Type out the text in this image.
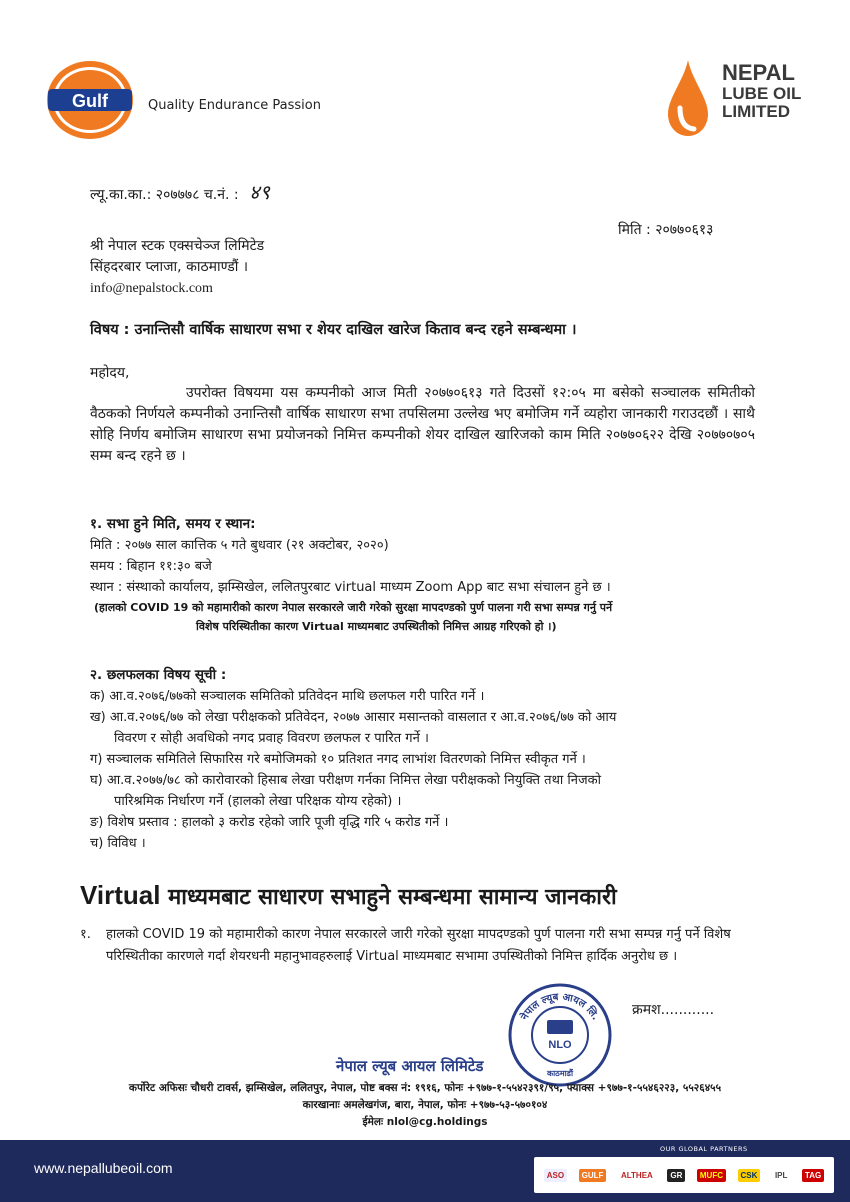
Gulf	Quality Endurance Passion
NEPAL
LUBE OIL
LIMITED
ल्यू.का.का.: २०७७७८ च.नं. : ४९
मिति : २०७७०६१३
श्री नेपाल स्टक एक्सचेञ्ज लिमिटेड
सिंहदरबार प्लाजा, काठमाण्डौं ।
info@nepalstock.com
विषय : उनान्तिसौ वार्षिक साधारण सभा र शेयर दाखिल खारेज किताव बन्द रहने सम्बन्धमा ।
महोदय,
उपरोक्त विषयमा यस कम्पनीको आज मिती २०७७०६१३ गते दिउसों १२:०५ मा बसेको सञ्चालक समितीको वैठकको निर्णयले कम्पनीको उनान्तिसौ वार्षिक साधारण सभा तपसिलमा उल्लेख भए बमोजिम गर्ने व्यहोरा जानकारी गराउदछौं । साथै सोहि निर्णय बमोजिम साधारण सभा प्रयोजनको निमित्त कम्पनीको शेयर दाखिल खारिजको काम मिति २०७७०६२२ देखि २०७७०७०५ सम्म बन्द रहने छ ।
१. सभा हुने मिति, समय र स्थान:
मिति : २०७७ साल कात्तिक ५ गते बुधवार (२१ अक्टोबर, २०२०)
समय : बिहान ११:३० बजे
स्थान : संस्थाको कार्यालय, झम्सिखेल, ललितपुरबाट virtual माध्यम Zoom App बाट सभा संचालन हुने छ ।
(हालको COVID 19 को महामारीको कारण नेपाल सरकारले जारी गरेको सुरक्षा मापदण्डको पुर्ण पालना गरी सभा सम्पन्न गर्नु पर्ने
विशेष परिस्थितीका कारण Virtual माध्यमबाट उपस्थितीको निमित्त आग्रह गरिएको हो ।)
२. छलफलका विषय सूची :
क) आ.व.२०७६/७७को सञ्चालक समितिको प्रतिवेदन माथि छलफल गरी पारित गर्ने ।
ख) आ.व.२०७६/७७ को लेखा परीक्षकको प्रतिवेदन, २०७७ आसार मसान्तको वासलात र आ.व.२०७६/७७ को आय
विवरण र सोही अवधिको नगद प्रवाह विवरण छलफल र पारित गर्ने ।
ग) सञ्चालक समितिले सिफारिस गरे बमोजिमको १० प्रतिशत नगद लाभांश वितरणको निमित्त स्वीकृत गर्ने ।
घ) आ.व.२०७७/७८ को कारोवारको हिसाब लेखा परीक्षण गर्नका निमित्त लेखा परीक्षकको नियुक्ति तथा निजको
पारिश्रमिक निर्धारण गर्ने (हालको लेखा परिक्षक योग्य रहेको) ।
ङ) विशेष प्रस्ताव : हालको ३ करोड रहेको जारि पूजी वृद्धि गरि ५ करोड गर्ने ।
च) विविध ।
Virtual माध्यमबाट साधारण सभाहुने सम्बन्धमा सामान्य जानकारी
१.	हालको COVID 19 को महामारीको कारण नेपाल सरकारले जारी गरेको सुरक्षा मापदण्डको पुर्ण पालना गरी सभा सम्पन्न गर्नु पर्ने विशेष परिस्थितीका कारणले गर्दा शेयरधनी महानुभावहरुलाई Virtual माध्यमबाट सभामा उपस्थितीको निमित्त हार्दिक अनुरोध छ ।
क्रमश............
नेपाल ल्यूब आयल लि.
NLO
काठमाडौं
नेपाल ल्यूब आयल लिमिटेड
कर्पोरेट अफिसः चौधरी टावर्स, झम्सिखेल, ललितपुर, नेपाल, पोष्ट बक्स नं: १९१६, फोनः +९७७-१-५५४२३९१/९५, फ्याक्स +९७७-१-५५४६२२३, ५५२६४५५
कारखानाः अमलेखगंज, बारा, नेपाल, फोनः +९७७-५३-५७०१०४
ईमेलः nlol@cg.holdings
www.nepallubeoil.com
OUR GLOBAL PARTNERS
ASO	GULF	ALTHEA	GR	MUFC	CSK	IPL	TAG
